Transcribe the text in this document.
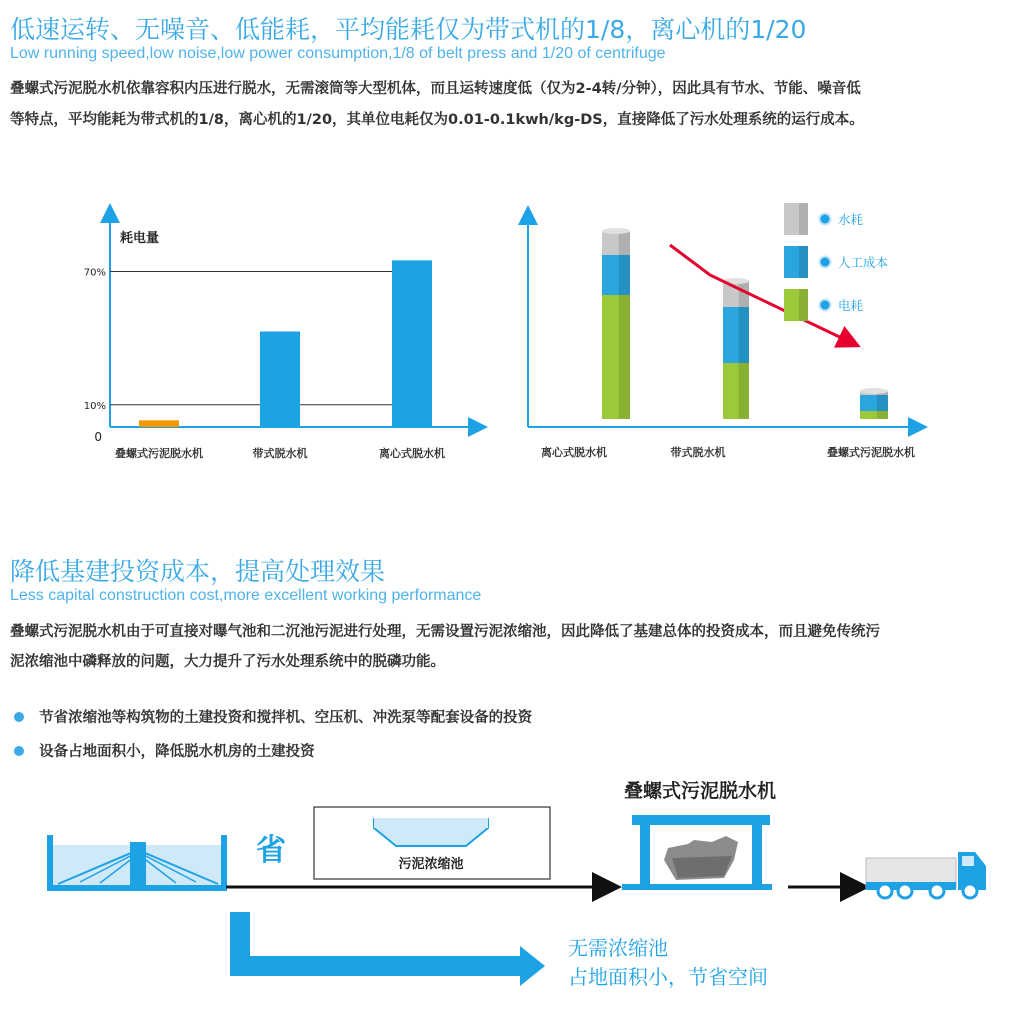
低速运转、无噪音、低能耗，平均能耗仅为带式机的1/8，离心机的1/20
Low running speed,low noise,low power consumption,1/8 of belt press and 1/20 of centrifuge
叠螺式污泥脱水机依靠容积内压进行脱水，无需滚筒等大型机体，而且运转速度低（仅为2-4转/分钟），因此具有节水、节能、噪音低
等特点，平均能耗为带式机的1/8，离心机的1/20，其单位电耗仅为0.01-0.1kwh/kg-DS，直接降低了污水处理系统的运行成本。
耗电量
10%
70%
0
叠螺式污泥脱水机	带式脱水机	离心式脱水机	离心式脱水机	带式脱水机	叠螺式污泥脱水机
水耗
人工成本
电耗
降低基建投资成本，提高处理效果
Less capital construction cost,more excellent working performance
叠螺式污泥脱水机由于可直接对曝气池和二沉池污泥进行处理，无需设置污泥浓缩池，因此降低了基建总体的投资成本，而且避免传统污
泥浓缩池中磷释放的问题，大力提升了污水处理系统中的脱磷功能。
节省浓缩池等构筑物的土建投资和搅拌机、空压机、冲洗泵等配套设备的投资
设备占地面积小，降低脱水机房的土建投资
省	污泥浓缩池
叠螺式污泥脱水机
无需浓缩池
占地面积小，节省空间
